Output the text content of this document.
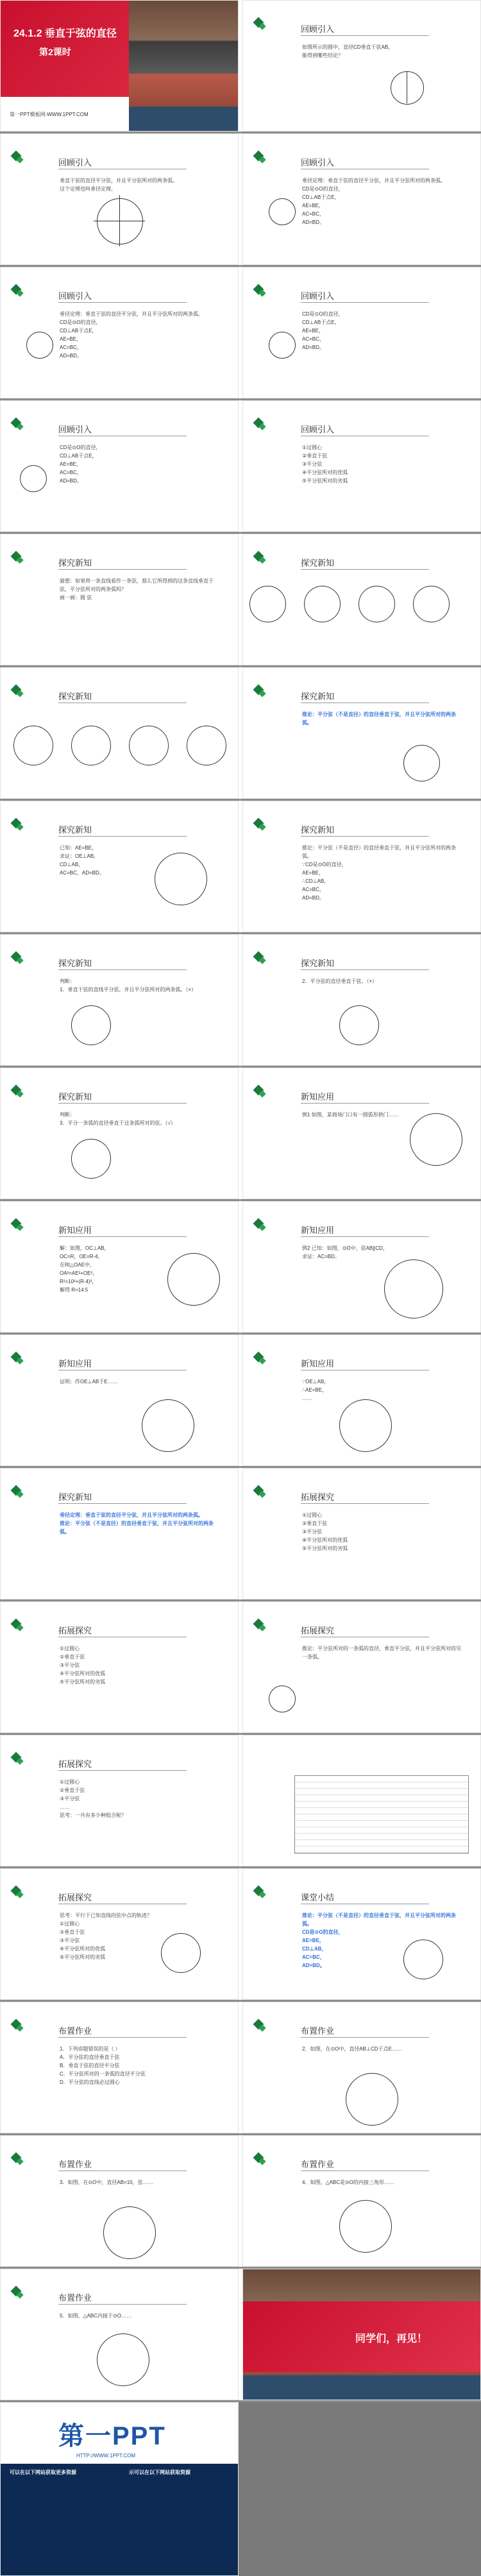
24.1.2 垂直于弦的直径
第2课时
第一PPT模板网-WWW.1PPT.COM
回顾引入
如图所示的圆中，直径CD垂直于弦AB，
能得到哪些结论？
回顾引入
垂直于弦的直径平分弦，并且平分弦所对的两条弧。
这个定理也叫垂径定理。
回顾引入
垂径定理：垂直于弦的直径平分弦，并且平分弦所对的两条弧。
CD是⊙O的直径，
CD⊥AB于点E，
AE=BE，
AC=BC，
AD=BD。
回顾引入
垂径定理：垂直于弦的直径平分弦，并且平分弦所对的两条弧。
CD是⊙O的直径，
CD⊥AB于点E，
AE=BE，
AC=BC，
AD=BD。
回顾引入
CD是⊙O的直径，
CD⊥AB于点E，
AE=BE，
AC=BC，
AD=BD。
回顾引入
CD是⊙O的直径，
CD⊥AB于点E，
AE=BE，
AC=BC，
AD=BD。
回顾引入
①过圆心
②垂直于弦
③平分弦
④平分弦所对的优弧
⑤平分弦所对的劣弧
探究新知
猜想：如果将一条直线看作一条弦，那么它所得到的这条直线垂直于弦，平分弦所对的两条弧吗？
画一画：圆 弦
探究新知
探究新知	探究新知
推论：平分弦（不是直径）的直径垂直于弦，并且平分弦所对的两条弧。
探究新知
已知：AE=BE，
求证：OE⊥AB，
CD⊥AB，
AC=BC，AD=BD。
探究新知
推论：平分弦（不是直径）的直径垂直于弦，并且平分弦所对的两条弧。
∵CD是⊙O的直径，
AE=BE，
∴CD⊥AB，
AC=BC，
AD=BD。
探究新知
判断：
1．垂直于弦的直线平分弦，并且平分弦所对的两条弧。（×）
探究新知
2．平分弦的直径垂直于弦。（×）
探究新知
判断：
3．平分一条弧的直径垂直于这条弧所对的弦。（√）
新知应用
例1 如图，某商场门口有一圆弧形拱门……
新知应用
解：如图，OC⊥AB，
OC=R，OE=R-4，
在Rt△OAE中，
OA²=AE²+OE²，
R²=10²+(R-4)²，
解得 R=14.5
新知应用
例2 已知：如图，⊙O中，弦AB∥CD，
求证：AC=BD。
新知应用
证明：作OE⊥AB于E……
新知应用
∵OE⊥AB，
∴AE=BE，
……
探究新知
垂径定理：垂直于弦的直径平分弦，并且平分弦所对的两条弧。
推论：平分弦（不是直径）的直径垂直于弦，并且平分弦所对的两条弧。
拓展探究
①过圆心
②垂直于弦
③平分弦
④平分弦所对的优弧
⑤平分弦所对的劣弧
拓展探究
①过圆心
②垂直于弦
③平分弦
④平分弦所对的优弧
⑤平分弦所对的劣弧
拓展探究
推论：平分弦所对的一条弧的直径，垂直平分弦，并且平分弦所对的另一条弧。
拓展探究
①过圆心
②垂直于弦
③平分弦
……
思考：一共有多少种组合呢？
拓展探究
思考：平行于已知直线的弦中点的轨迹？
①过圆心
②垂直于弦
③平分弦
④平分弦所对的优弧
⑤平分弦所对的劣弧
课堂小结
推论：平分弦（不是直径）的直径垂直于弦，并且平分弦所对的两条弧。
CD是⊙O的直径，
AE=BE，
CD⊥AB，
AC=BC，
AD=BD。
布置作业
1．下列命题错误的是（ ）
A．平分弦的直径垂直于弦
B．垂直于弦的直径平分弦
C．平分弦所对的一条弧的直径平分弦
D．平分弦的直线必过圆心
布置作业
2．如图，在⊙O中，直径AB⊥CD于点E……
布置作业
3．如图，在⊙O中，直径AB=10，弦……
布置作业
4．如图，△ABC是⊙O的内接三角形……
布置作业
5．如图，△ABC内接于⊙O……
同学们，再见！
第一PPT
HTTP://WWW.1PPT.COM
可以在以下网站获取更多资源	示可以在以下网站获取资源
